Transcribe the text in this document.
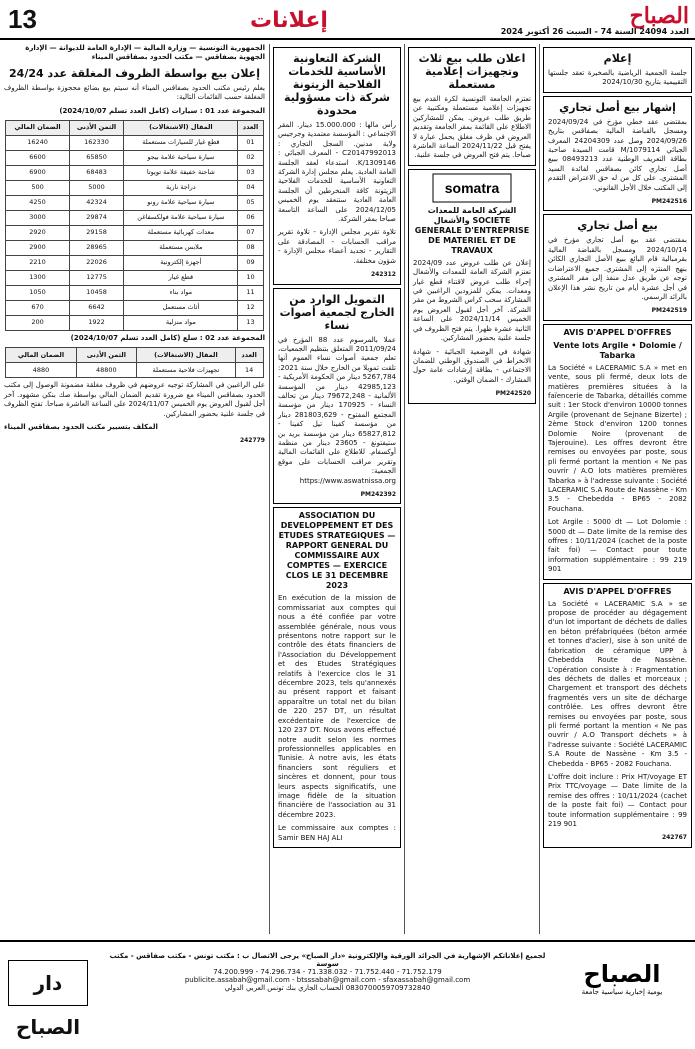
13	إعلانات	الصباح
العدد 24094 السنة 74 - السبت 26 أكتوبر 2024
إعلام
جلسة الجمعية الرياضية بالصخيرة تعقد جلستها التقييمية بتاريخ 2024/10/30
إشهار بيع أصل تجاري
بمقتضى عقد خطي مؤرخ في 2024/09/24 ومسجل بالقباضة المالية بصفاقس بتاريخ 2024/09/26 وصل عدد 24204309 المعرف الجبائي 1079114/M قامت السيدة صاحبة بطاقة التعريف الوطنية عدد 08493213 ببيع أصل تجاري كائن بصفاقس لفائدة السيد المشتري. على كل من له حق الاعتراض التقدم إلى المكتب خلال الأجل القانوني.
PM242516
بيع أصل تجاري
بمقتضى عقد بيع أصل تجاري مؤرخ في 2024/10/14 ومسجل بالقباضة المالية بقرمبالية قام البائع ببيع الأصل التجاري الكائن بنهج المنتزه إلى المشتري. جميع الاعتراضات توجه عن طريق عدل منفذ إلى مقر المشتري في أجل عشرة أيام من تاريخ نشر هذا الإعلان بالرائد الرسمي.
PM242519
AVIS D'APPEL D'OFFRES
Vente lots Argile • Dolomie / Tabarka
La Société « LACERAMIC S.A » met en vente, sous pli fermé, deux lots de matières premières situées à la faïencerie de Tabarka, détaillés comme suit : 1er Stock d'environ 10000 tonnes Argile (provenant de Sejnane Bizerte) ; 2ème Stock d'environ 1200 tonnes Dolomie Noire (provenant de Tajerouine). Les offres devront être remises ou envoyées par poste, sous pli fermé portant la mention « Ne pas ouvrir / A.O lots matières premières Tabarka » à l'adresse suivante : Société LACERAMIC S.A Route de Nassène - Km 3.5 - Chebedda - BP65 - 2082 Fouchana.
Lot Argile : 5000 dt — Lot Dolomie : 5000 dt — Date limite de la remise des offres : 10/11/2024 (cachet de la poste fait foi) — Contact pour toute information supplémentaire : 99 219 901
AVIS D'APPEL D'OFFRES
La Société « LACERAMIC S.A » se propose de procéder au dégagement d'un lot important de déchets de dalles en béton préfabriquées (béton armée et tonnes d'acier), sise à son unité de fabrication de céramique UPP à Chebedda Route de Nassène. L'opération consiste à : Fragmentation des déchets de dalles et morceaux ; Chargement et transport des déchets fragmentés vers un site de décharge contrôlée. Les offres devront être remises ou envoyées par poste, sous pli fermé portant la mention « Ne pas ouvrir / A.O Transport déchets » à l'adresse suivante : Société LACERAMIC S.A Route de Nassène - Km 3.5 - Chebedda - BP65 - 2082 Fouchana.
L'offre doit inclure : Prix HT/voyage ET Prix TTC/voyage — Date limite de la remise des offres : 10/11/2024 (cachet de la poste fait foi) — Contact pour toute information supplémentaire : 99 219 901
242767
اعلان طلب بيع ثلاث وتجهيزات إعلامية مستعملة
تعتزم الجامعة التونسية لكرة القدم بيع تجهيزات إعلامية مستعملة ومكتبية عن طريق طلب عروض. يمكن للمشاركين الاطلاع على القائمة بمقر الجامعة وتقديم العروض في ظرف مغلق يحمل عبارة لا يفتح قبل 2024/11/22 الساعة العاشرة صباحا. يتم فتح العروض في جلسة علنية.
somatra
الشركة العامة للمعدات والأشغال SOCIETE GENERALE D'ENTREPRISE DE MATERIEL ET DE TRAVAUX
إعلان عن طلب عروض عدد 2024/09 تعتزم الشركة العامة للمعدات والأشغال إجراء طلب عروض لاقتناء قطع غيار ومعدات. يمكن للمزودين الراغبين في المشاركة سحب كراس الشروط من مقر الشركة. آخر أجل لقبول العروض يوم الخميس 2024/11/14 على الساعة الثانية عشرة ظهرا. يتم فتح الظروف في جلسة علنية بحضور المشاركين.
شهادة في الوضعية الجبائية - شهادة الانخراط في الصندوق الوطني للضمان الاجتماعي - بطاقة إرشادات عامة حول المشارك - الضمان الوقتي.
PM242520
الشركة التعاونية الأساسية للخدمات الفلاحية الزيتونة شركة ذات مسؤولية محدودة
رأس مالها : 15.000.000 دينار. المقر الاجتماعي : المؤسسة معتمدية وجرجيس ولاية مدنين. السجل التجاري : C20147992013 - المعرف الجبائي : 1309146/K. استدعاء لعقد الجلسة العامة العادية. يعلم مجلس إدارة الشركة التعاونية الأساسية للخدمات الفلاحية الزيتونة كافة المنخرطين أن الجلسة العامة العادية ستنعقد يوم الخميس 2024/12/05 على الساعة التاسعة صباحا بمقر الشركة.
تلاوة تقرير مجلس الإدارة - تلاوة تقرير مراقب الحسابات - المصادقة على التقارير - تجديد أعضاء مجلس الإدارة - شؤون مختلفة.
242312
التمويل الوارد من الخارج لجمعية أصوات نساء
عملا بالمرسوم عدد 88 المؤرخ في 2011/09/24 المتعلق بتنظيم الجمعيات، تعلم جمعية أصوات نساء العموم أنها تلقت تمويلا من الخارج خلال سنة 2021: 5267,784 دينار من الحكومة الأمريكية - 42985,123 دينار من المؤسسة الألمانية - 79672,248 دينار من تحالف النساء - 170925 دينار من مؤسسة المجتمع المفتوح - 281803,629 دينار من مؤسسة كفينا تيل كفينا - 65827,812 دينار من مؤسسة بريد بن ستيفتونغ - 23605 دينار من منظمة أوكسفام. للاطلاع على القائمات المالية وتقرير مراقب الحسابات على موقع الجمعية: https://www.aswatnissa.org
PM242392
ASSOCIATION DU DEVELOPPEMENT ET DES ETUDES STRATEGIQUES — RAPPORT GENERAL DU COMMISSAIRE AUX COMPTES — EXERCICE CLOS LE 31 DECEMBRE 2023
En exécution de la mission de commissariat aux comptes qui nous a été confiée par votre assemblée générale, nous vous présentons notre rapport sur le contrôle des états financiers de l'Association du Développement et des Etudes Stratégiques relatifs à l'exercice clos le 31 décembre 2023, tels qu'annexés au présent rapport et faisant apparaître un total net du bilan de 220 257 DT, un résultat excédentaire de l'exercice de 120 237 DT. Nous avons effectué notre audit selon les normes professionnelles applicables en Tunisie. À notre avis, les états financiers sont réguliers et sincères et donnent, pour tous leurs aspects significatifs, une image fidèle de la situation financière de l'association au 31 décembre 2023.
Le commissaire aux comptes : Samir BEN HAJ ALI
الجمهورية التونسية — وزارة المالية — الإدارة العامة للديوانة — الإدارة الجهوية بصفاقس — مكتب الحدود بصفاقس الميناء
إعلان بيع بواسطة الظروف المغلقة عدد 24/24
يعلم رئيس مكتب الحدود بصفاقس الميناء أنه سيتم بيع بضائع محجوزة بواسطة الظروف المغلقة حسب القائمات التالية:
المجموعة عدد 01 : سيارات (كامل العدد تسلم 2024/10/07)
العدد	المقال (الاشتغالات)	الثمن الأدنى	الضمان المالي
01	قطع غيار للسيارات مستعملة	162330	16240
02	سيارة سياحية علامة بيجو	65850	6600
03	شاحنة خفيفة علامة تويوتا	68483	6900
04	دراجة نارية	5000	500
05	سيارة سياحية علامة رونو	42324	4250
06	سيارة سياحية علامة فولكسفاغن	29874	3000
07	معدات كهربائية مستعملة	29158	2920
08	ملابس مستعملة	28965	2900
09	أجهزة إلكترونية	22026	2210
10	قطع غيار	12775	1300
11	مواد بناء	10458	1050
12	أثاث مستعمل	6642	670
13	مواد منزلية	1922	200
المجموعة عدد 02 : سلع (كامل العدد تسلم 2024/10/07)
العدد	المقال (الاشتغالات)	الثمن الأدنى	الضمان المالي
14	تجهيزات فلاحية مستعملة	48800	4880
على الراغبين في المشاركة توجيه عروضهم في ظروف مغلقة مضمونة الوصول إلى مكتب الحدود بصفاقس الميناء مع ضرورة تقديم الضمان المالي بواسطة صك بنكي مشهود. آخر أجل لقبول العروض يوم الخميس 2024/11/07 على الساعة العاشرة صباحا. تفتح الظروف في جلسة علنية بحضور المشاركين.
المكلف بتسيير مكتب الحدود بصفاقس الميناء
242779
دار الصباح
لجميع إعلاناتكم الإشهارية في الجرائد الورقية والإلكترونية «دار الصباح» يرجى الاتصال ب : مكتب تونس - مكتب صفاقس - مكتب سوسة
71.752.179 - 71.752.440 - 71.338.032 - 74.296.734 - 74.200.999
publicite.assabah@gmail.com - btsssabah@gmail.com - sfaxassabah@gmail.com
0830700059709732840 الحساب الجاري بنك تونس العربي الدولي	الصباح
يومية إخبارية سياسية جامعة
